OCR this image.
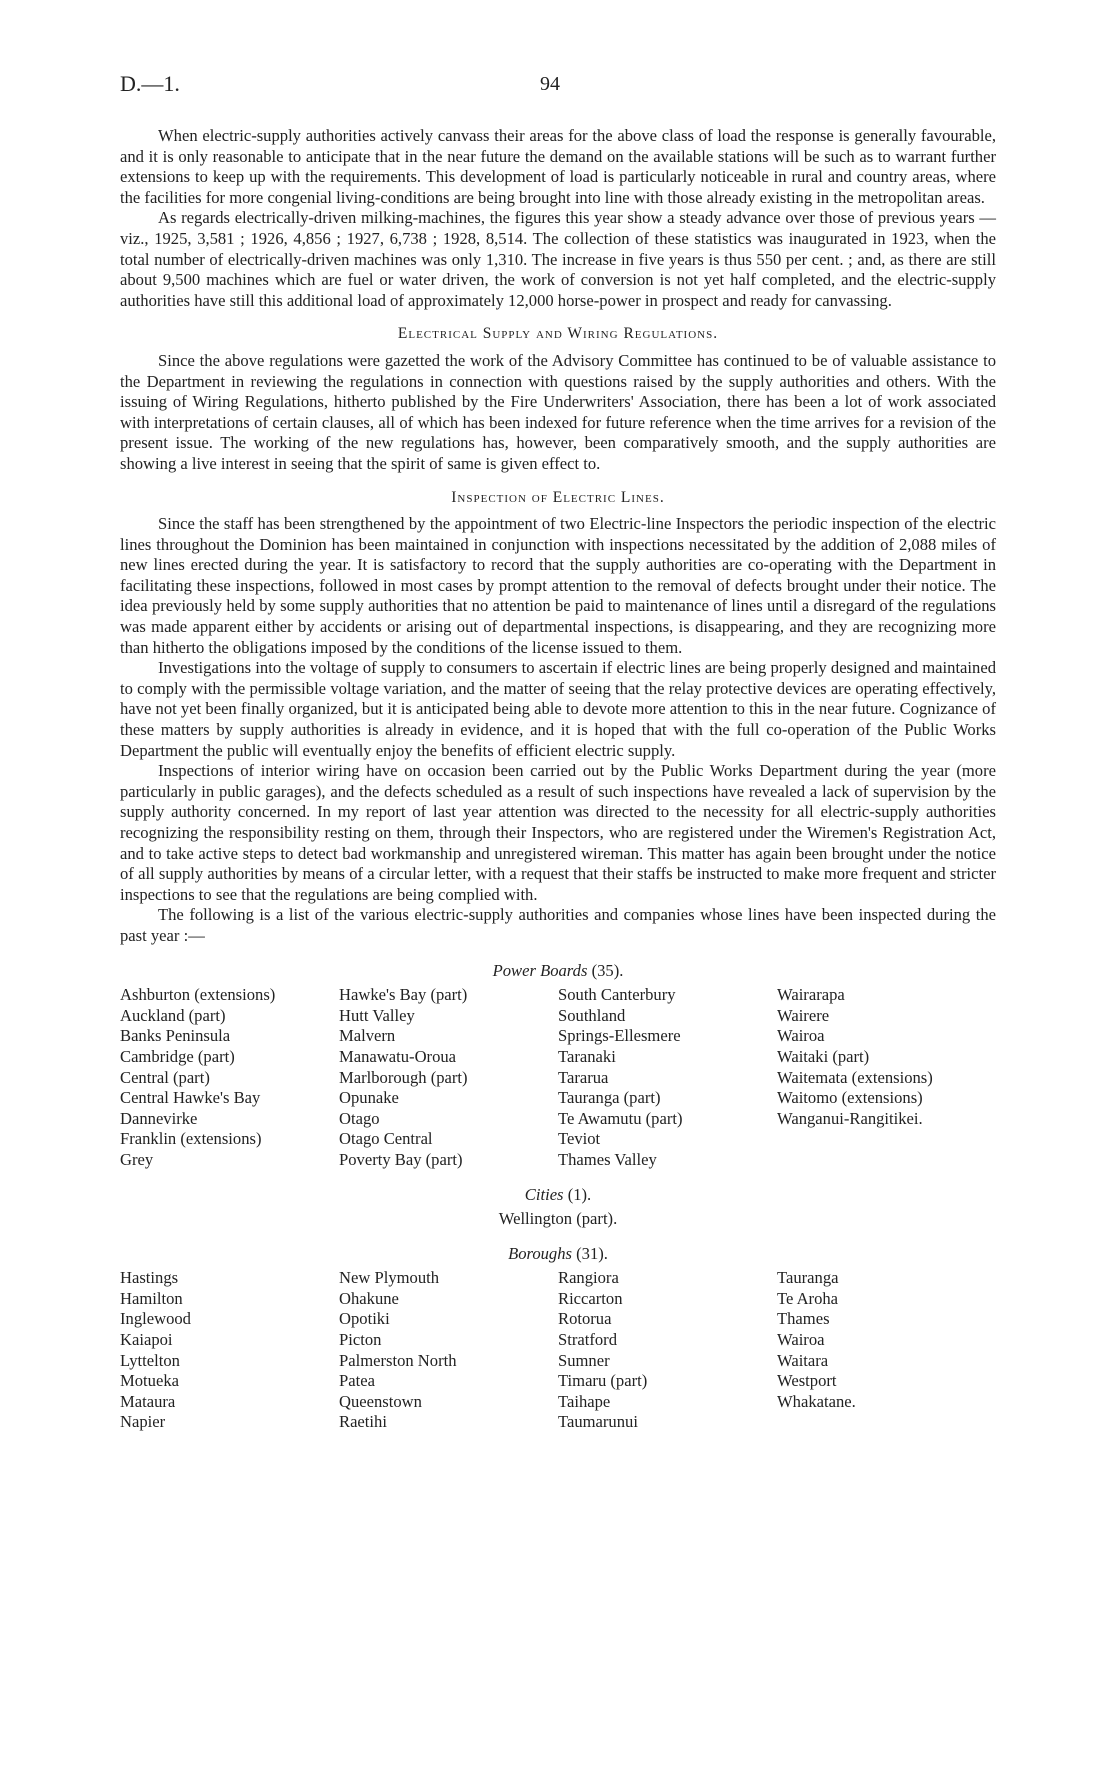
D.—1.	94

When electric-supply authorities actively canvass their areas for the above class of load the response is generally favourable, and it is only reasonable to anticipate that in the near future the demand on the available stations will be such as to warrant further extensions to keep up with the requirements. This development of load is particularly noticeable in rural and country areas, where the facilities for more congenial living-conditions are being brought into line with those already existing in the metropolitan areas.

As regards electrically-driven milking-machines, the figures this year show a steady advance over those of previous years — viz., 1925, 3,581 ; 1926, 4,856 ; 1927, 6,738 ; 1928, 8,514. The collection of these statistics was inaugurated in 1923, when the total number of electrically-driven machines was only 1,310. The increase in five years is thus 550 per cent. ; and, as there are still about 9,500 machines which are fuel or water driven, the work of conversion is not yet half completed, and the electric-supply authorities have still this additional load of approximately 12,000 horse-power in prospect and ready for canvassing.

Electrical Supply and Wiring Regulations.

Since the above regulations were gazetted the work of the Advisory Committee has continued to be of valuable assistance to the Department in reviewing the regulations in connection with questions raised by the supply authorities and others. With the issuing of Wiring Regulations, hitherto published by the Fire Underwriters' Association, there has been a lot of work associated with interpretations of certain clauses, all of which has been indexed for future reference when the time arrives for a revision of the present issue. The working of the new regulations has, however, been comparatively smooth, and the supply authorities are showing a live interest in seeing that the spirit of same is given effect to.

Inspection of Electric Lines.

Since the staff has been strengthened by the appointment of two Electric-line Inspectors the periodic inspection of the electric lines throughout the Dominion has been maintained in conjunction with inspections necessitated by the addition of 2,088 miles of new lines erected during the year. It is satisfactory to record that the supply authorities are co-operating with the Department in facilitating these inspections, followed in most cases by prompt attention to the removal of defects brought under their notice. The idea previously held by some supply authorities that no attention be paid to maintenance of lines until a disregard of the regulations was made apparent either by accidents or arising out of departmental inspections, is disappearing, and they are recognizing more than hitherto the obligations imposed by the conditions of the license issued to them.

Investigations into the voltage of supply to consumers to ascertain if electric lines are being properly designed and maintained to comply with the permissible voltage variation, and the matter of seeing that the relay protective devices are operating effectively, have not yet been finally organized, but it is anticipated being able to devote more attention to this in the near future. Cognizance of these matters by supply authorities is already in evidence, and it is hoped that with the full co-operation of the Public Works Department the public will eventually enjoy the benefits of efficient electric supply.

Inspections of interior wiring have on occasion been carried out by the Public Works Department during the year (more particularly in public garages), and the defects scheduled as a result of such inspections have revealed a lack of supervision by the supply authority concerned. In my report of last year attention was directed to the necessity for all electric-supply authorities recognizing the responsibility resting on them, through their Inspectors, who are registered under the Wiremen's Registration Act, and to take active steps to detect bad workmanship and unregistered wireman. This matter has again been brought under the notice of all supply authorities by means of a circular letter, with a request that their staffs be instructed to make more frequent and stricter inspections to see that the regulations are being complied with.

The following is a list of the various electric-supply authorities and companies whose lines have been inspected during the past year :—

Power Boards (35).
Ashburton (extensions)
Auckland (part)
Banks Peninsula
Cambridge (part)
Central (part)
Central Hawke's Bay
Dannevirke
Franklin (extensions)
Grey
Hawke's Bay (part)
Hutt Valley
Malvern
Manawatu-Oroua
Marlborough (part)
Opunake
Otago
Otago Central
Poverty Bay (part)
South Canterbury
Southland
Springs-Ellesmere
Taranaki
Tararua
Tauranga (part)
Te Awamutu (part)
Teviot
Thames Valley
Wairarapa
Wairere
Wairoa
Waitaki (part)
Waitemata (extensions)
Waitomo (extensions)
Wanganui-Rangitikei.
Cities (1).
Wellington (part).
Boroughs (31).
Hastings
Hamilton
Inglewood
Kaiapoi
Lyttelton
Motueka
Mataura
Napier
New Plymouth
Ohakune
Opotiki
Picton
Palmerston North
Patea
Queenstown
Raetihi
Rangiora
Riccarton
Rotorua
Stratford
Sumner
Timaru (part)
Taihape
Taumarunui
Tauranga
Te Aroha
Thames
Wairoa
Waitara
Westport
Whakatane.
